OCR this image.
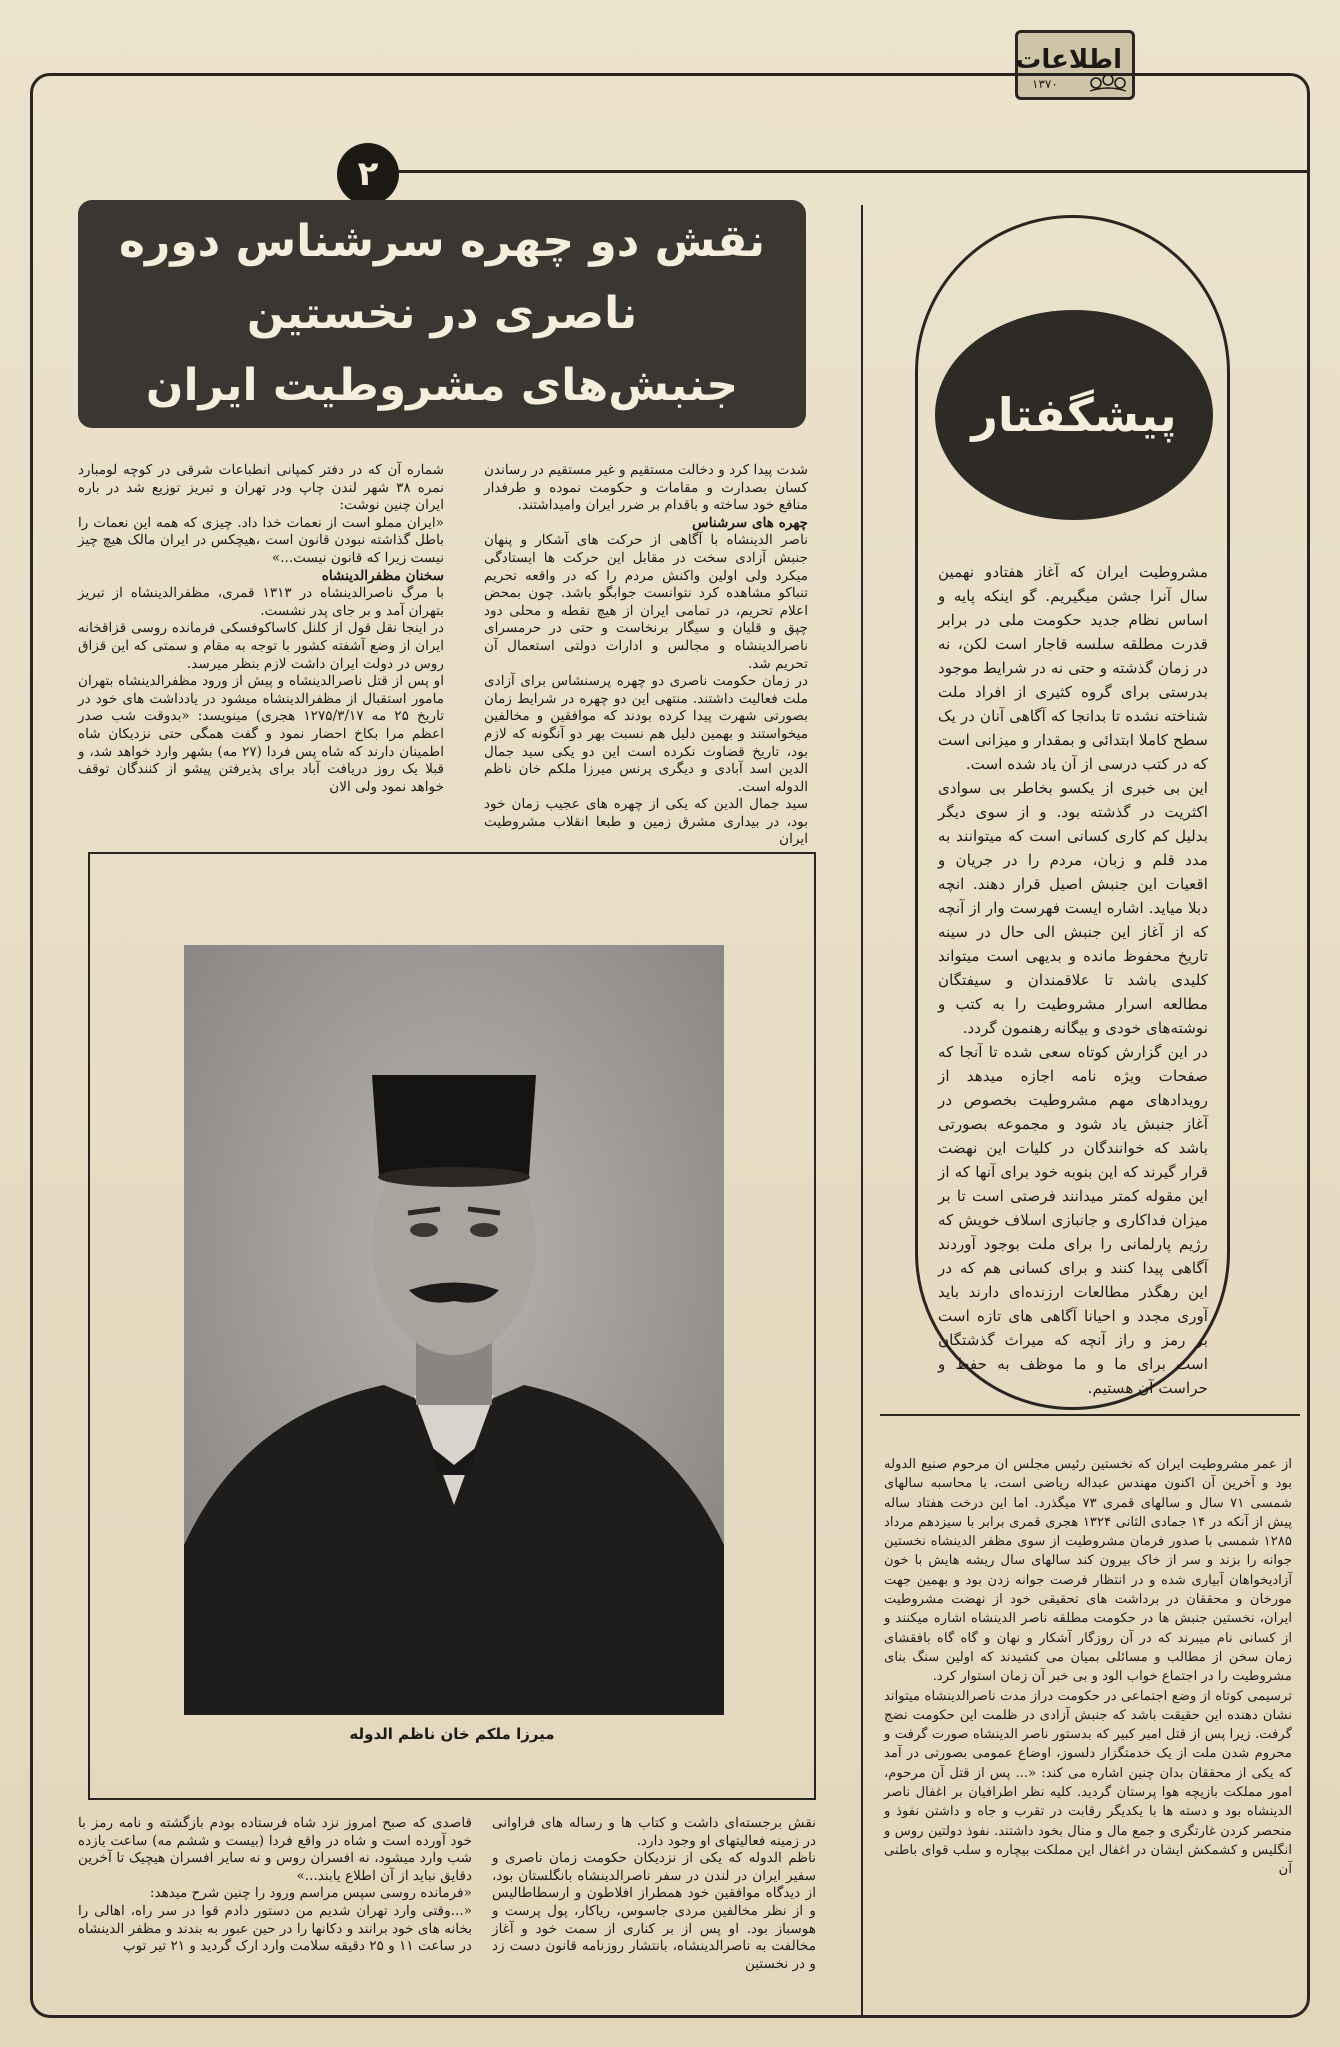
اطلاعات
۱۳۷۰
۲
نقش دو چهره سرشناس دوره ناصری در نخستین
جنبش‌های مشروطیت ایران

شماره آن که در دفتر کمپانی انطباعات شرقی در کوچه لومبارد نمره ۳۸ شهر لندن چاپ ودر تهران و تبریز توزیع شد در باره ایران چنین نوشت:

«ایران مملو است از نعمات خدا داد. چیزی که همه این نعمات را باطل گذاشته نبودن قانون است ،هیچکس در ایران مالک هیچ چیز نیست زیرا که قانون نیست...»

سخنان مظفرالدینشاه

با مرگ ناصرالدینشاه در ۱۳۱۳ قمری، مظفرالدینشاه از تبریز بتهران آمد و بر جای پدر نشست.

در اینجا نقل قول از کلنل کاساکوفسکی فرمانده روسی قزاقخانه ایران از وضع آشفته کشور با توجه به مقام و سمتی که این قزاق روس در دولت ایران داشت لازم بنظر میرسد.

او پس از قتل ناصرالدینشاه و پیش از ورود مظفرالدینشاه بتهران مامور استقبال از مظفرالدینشاه میشود در یادداشت های خود در تاریخ ۲۵ مه ۱۲۷۵/۳/۱۷ هجری) مینویسد: «بدوقت شب صدر اعظم مرا بکاخ احضار نمود و گفت همگی حتی نزدیکان شاه اطمینان دارند که شاه پس فردا (۲۷ مه) بشهر وارد خواهد شد، و قبلا یک روز دریافت آباد برای پذیرفتن پیشو از کنندگان توقف خواهد نمود ولی الان

شدت پیدا کرد و دخالت مستقیم و غیر مستقیم در رساندن کسان بصدارت و مقامات و حکومت نموده و طرفدار منافع خود ساخته و باقدام بر ضرر ایران وامیداشتند.

چهره های سرشناس

ناصر الدینشاه با آگاهی از حرکت های آشکار و پنهان جنبش آزادی سخت در مقابل این حرکت ها ایستادگی میکرد ولی اولین واکنش مردم را که در واقعه تحریم تنباکو مشاهده کرد نتوانست جوابگو باشد. چون بمحض اعلام تحریم، در تمامی ایران از هیچ نقطه و محلی دود چپق و قلیان و سیگار برنخاست و حتی در حرمسرای ناصرالدینشاه و مجالس و ادارات دولتی استعمال آن تحریم شد.

در زمان حکومت ناصری دو چهره پرسنشاس برای آزادی ملت فعالیت داشتند. منتهی این دو چهره در شرایط زمان بصورتی شهرت پیدا کرده بودند که موافقین و مخالفین میخواستند و بهمین دلیل هم نسبت بهر دو آنگونه که لازم بود، تاریخ قضاوت نکرده است این دو یکی سید جمال الدین اسد آبادی و دیگری پرنس میرزا ملکم خان ناظم الدوله است.

سید جمال الدین که یکی از چهره های عجیب زمان خود بود، در بیداری مشرق زمین و طبعا انقلاب مشروطیت ایران

میرزا ملکم خان ناظم الدوله

قاصدی که صبح امروز نزد شاه فرستاده بودم بازگشته و نامه رمز با خود آورده است و شاه در واقع فردا (بیست و ششم مه) ساعت یازده شب وارد میشود، نه افسران روس و نه سایر افسران هیچیک تا آخرین دقایق نباید از آن اطلاع یابند...»

«فرمانده روسی سپس مراسم ورود را چنین شرح میدهد:

«...وقتی وارد تهران شدیم من دستور دادم قوا در سر راه، اهالی را بخانه های خود برانند و دکانها را در حین عبور به بندند و مظفر الدینشاه در ساعت ۱۱ و ۲۵ دقیقه سلامت وارد ارک گردید و ۲۱ تیر توپ

نقش برجسته‌ای داشت و کتاب ها و رساله های فراوانی در زمینه فعالیتهای او وجود دارد.

ناظم الدوله که یکی از نزدیکان حکومت زمان ناصری و سفیر ایران در لندن در سفر ناصرالدینشاه بانگلستان بود، از دیدگاه موافقین خود همطراز افلاطون و ارسطاطالیس و از نظر مخالفین مردی جاسوس، ریاکار، پول پرست و هوسباز بود. او پس از بر کناری از سمت خود و آغاز مخالفت به ناصرالدینشاه، بانتشار روزنامه قانون دست زد و در نخستین

پیشگفتار

مشروطیت ایران که آغاز هفتادو نهمین سال آنرا جشن میگیریم. گو اینکه پایه و اساس نظام جدید حکومت ملی در برابر قدرت مطلقه سلسه قاجار است لکن، نه در زمان گذشته و حتی نه در شرایط موجود بدرستی برای گروه کثیری از افراد ملت شناخته نشده تا بدانجا که آگاهی آنان در یک سطح کاملا ابتدائی و بمقدار و میزانی است که در کتب درسی از آن یاد شده است.

این بی خبری از یکسو بخاطر بی سوادی اکثریت در گذشته بود. و از سوی دیگر بدلیل کم کاری کسانی است که میتوانند به مدد قلم و زبان، مردم را در جریان و اقعیات این جنبش اصیل قرار دهند. انچه دبلا میاید. اشاره ایست فهرست وار از آنچه که از آغاز این جنبش الی حال در سینه تاریخ محفوظ مانده و بدیهی است میتواند کلیدی باشد تا علاقمندان و سیفتگان مطالعه اسرار مشروطیت را به کتب و نوشته‌های خودی و بیگانه رهنمون گردد.

در این گزارش کوتاه سعی شده تا آنجا که صفحات ویژه نامه اجازه میدهد از رویدادهای مهم مشروطیت بخصوص در آغاز جنبش یاد شود و مجموعه بصورتی باشد که خوانندگان در کلیات این نهضت قرار گیرند که این بنوبه خود برای آنها که از این مقوله کمتر میدانند فرصتی است تا بر میزان فداکاری و جانبازی اسلاف خویش که رژیم پارلمانی را برای ملت بوجود آوردند آگاهی پیدا کنند و برای کسانی هم که در این رهگذر مطالعات ارزنده‌ای دارند باید آوری مجدد و احیانا آگاهی های تازه است بر رمز و راز آنچه که میراث گذشتگان است برای ما و ما موظف به حفظ و حراست آن هستیم.

از عمر مشروطیت ایران که نخستین رئیس مجلس ان مرحوم صنیع الدوله بود و آخرین آن اکنون مهندس عبداله ریاضی است، با محاسبه سالهای شمسی ۷۱ سال و سالهای قمری ۷۳ میگذرد. اما این درخت هفتاد ساله پیش از آنکه در ۱۴ جمادی الثانی ۱۳۲۴ هجری قمری برابر با سیزدهم مرداد ۱۲۸۵ شمسی با صدور فرمان مشروطیت از سوی مظفر الدینشاه نخستین جوانه را بزند و سر از خاک بیرون کند سالهای سال ریشه هایش با خون آزادیخواهان آبیاری شده و در انتظار فرصت جوانه زدن بود و بهمین جهت مورخان و محققان در برداشت های تحقیقی خود از نهضت مشروطیت ایران، نخستین جنبش ها در حکومت مطلقه ناصر الدینشاه اشاره میکنند و از کسانی نام میبرند که در آن روزگار آشکار و نهان و گاه گاه بافقشای زمان سخن از مطالب و مسائلی بمیان می کشیدند که اولین سنگ بنای مشروطیت را در اجتماع خواب الود و بی خبر آن زمان استوار کرد.

ترسیمی کوتاه از وضع اجتماعی در حکومت دراز مدت ناصرالدینشاه میتواند نشان دهنده این حقیقت باشد که جنبش آزادی در ظلمت این حکومت نضج گرفت. زیرا پس از قتل امیر کبیر که بدستور ناصر الدینشاه صورت گرفت و محروم شدن ملت از یک خدمتگزار دلسوز، اوضاع عمومی بصورتی در آمد که یکی از محققان بدان چنین اشاره می کند: «... پس از قتل آن مرحوم، امور مملکت بازیچه هوا پرستان گردید. کلیه نظر اطرافیان بر اغفال ناصر الدینشاه بود و دسته ها با یکدیگر رقابت در تقرب و جاه و داشتن نفوذ و منحصر کردن غارتگری و جمع مال و منال بخود داشتند. نفوذ دولتین روس و انگلیس و کشمکش ایشان در اغفال این مملکت بیچاره و سلب قوای باطنی آن
